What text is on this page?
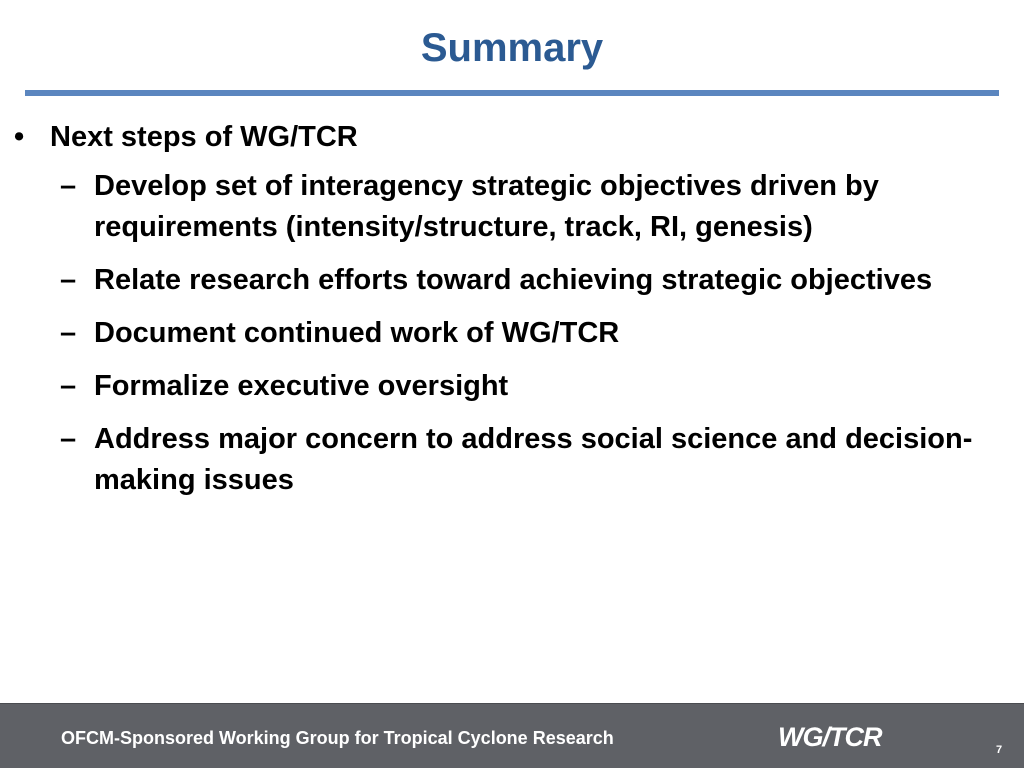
Summary
• Next steps of WG/TCR
– Develop set of interagency strategic objectives driven by requirements (intensity/structure, track, RI, genesis)
– Relate research efforts toward achieving strategic objectives
– Document continued work of WG/TCR
– Formalize executive oversight
– Address major concern to address social science and decision-making issues
OFCM-Sponsored Working Group for Tropical Cyclone Research	WG/TCR	7
